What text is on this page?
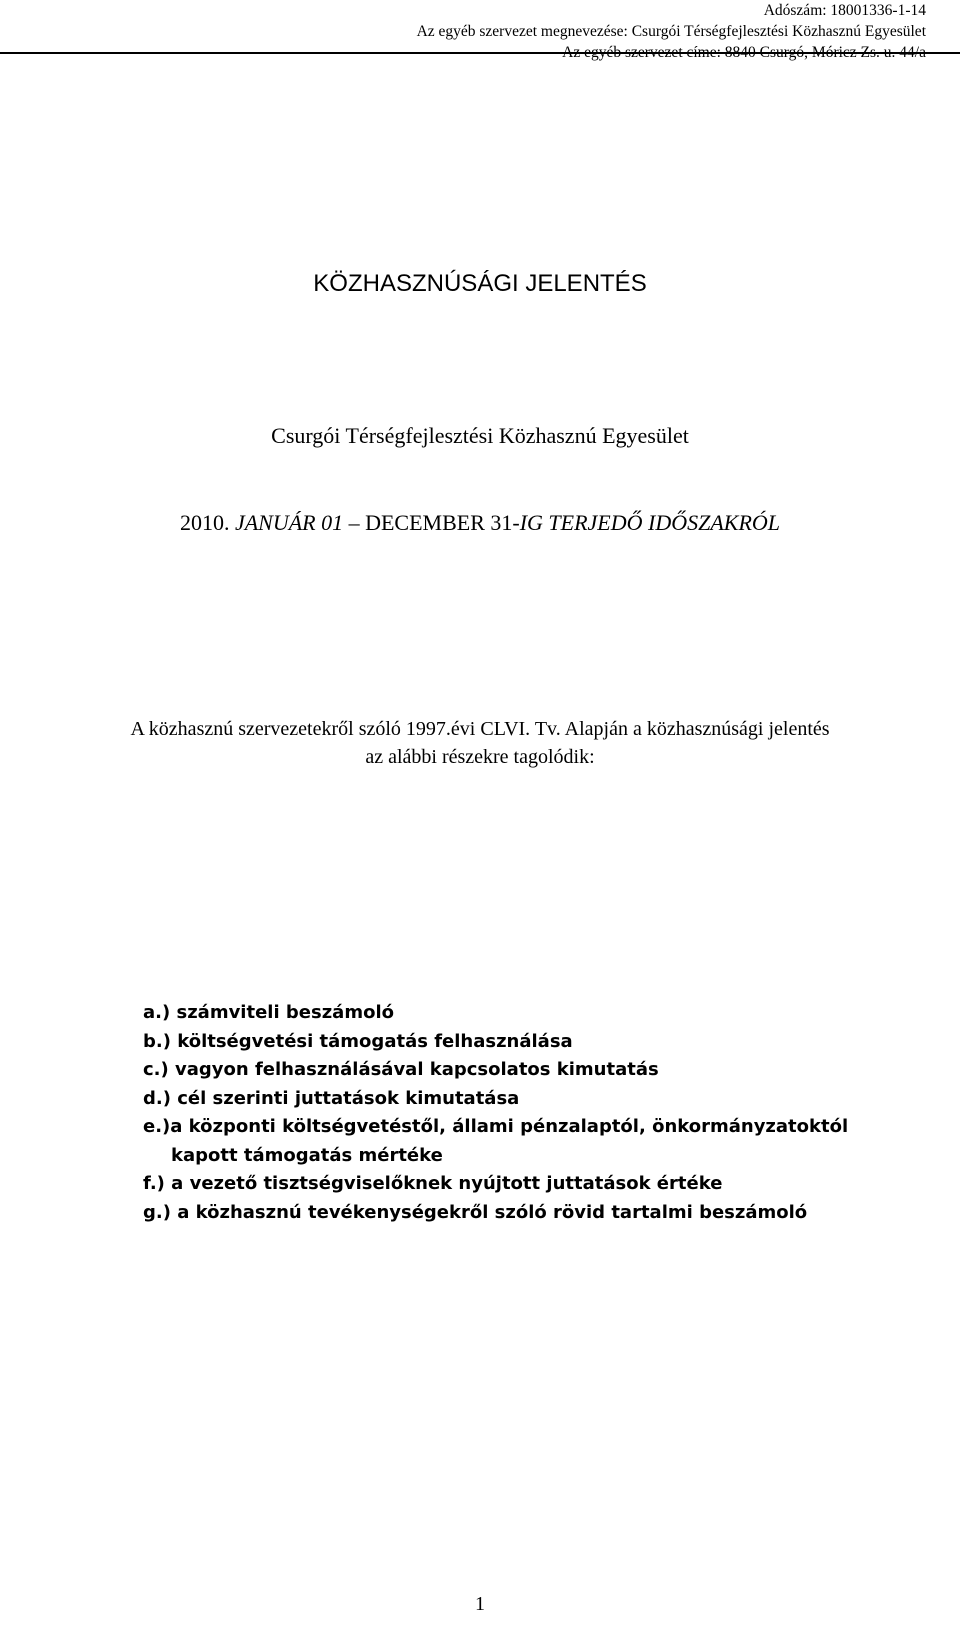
Adószám: 18001336-1-14
Az egyéb szervezet megnevezése: Csurgói Térségfejlesztési Közhasznú Egyesület
Az egyéb szervezet címe: 8840 Csurgó, Móricz Zs. u. 44/a
KÖZHASZNÚSÁGI JELENTÉS
Csurgói Térségfejlesztési Közhasznú Egyesület
2010. JANUÁR 01 – DECEMBER 31-IG TERJEDŐ IDŐSZAKRÓL
A közhasznú szervezetekről szóló 1997.évi CLVI. Tv. Alapján a közhasznúsági jelentés
az alábbi részekre tagolódik:
a.) számviteli beszámoló
b.) költségvetési támogatás felhasználása
c.) vagyon felhasználásával kapcsolatos kimutatás
d.) cél szerinti juttatások kimutatása
e.)a központi költségvetéstől, állami pénzalaptól, önkormányzatoktól
kapott támogatás mértéke
f.) a vezető tisztségviselőknek nyújtott juttatások értéke
g.) a közhasznú tevékenységekről szóló rövid tartalmi beszámoló
1
